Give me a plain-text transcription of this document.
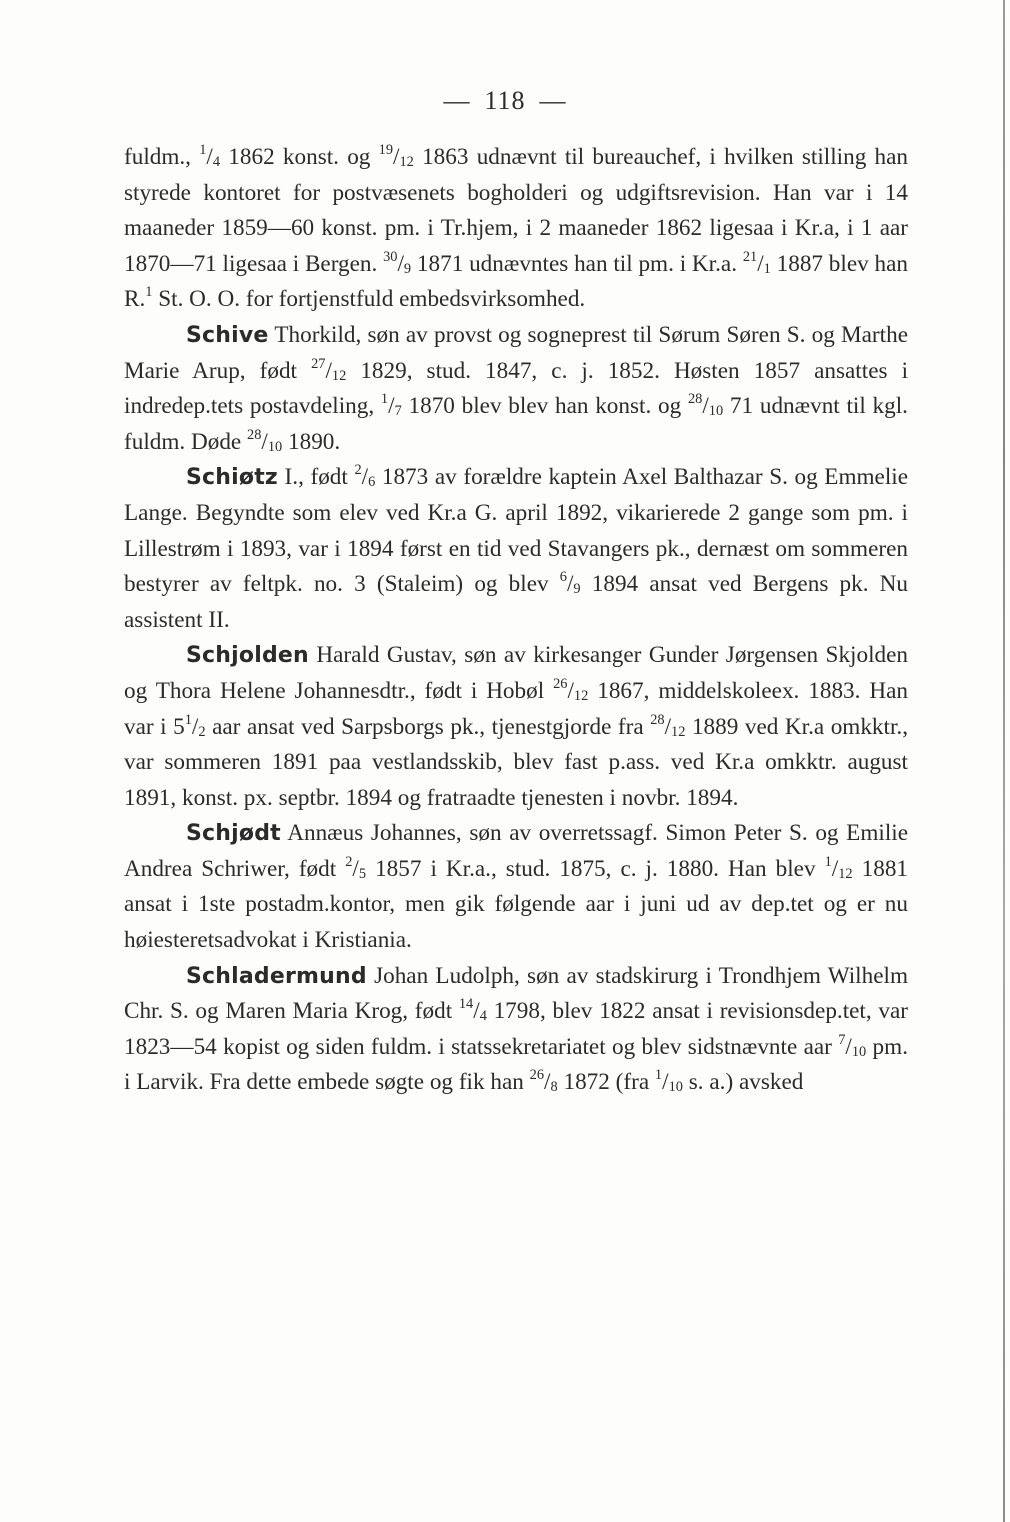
— 118 —

fuldm., $^1/_4$ 1862 konst. og $^{19}/_{12}$ 1863 udnævnt til bureauchef, i hvilken stilling han styrede kontoret for postvæsenets bogholderi og udgiftsrevision. Han var i 14 maaneder 1859—60 konst. pm. i Tr.hjem, i 2 maaneder 1862 ligesaa i Kr.a, i 1 aar 1870—71 ligesaa i Bergen. $^{30}/_9$ 1871 udnævntes han til pm. i Kr.a. $^{21}/_1$ 1887 blev han R.$^1$ St. O. O. for fortjenstfuld embedsvirksomhed.

Schive Thorkild, søn av provst og sogneprest til Sørum Søren S. og Marthe Marie Arup, født $^{27}/_{12}$ 1829, stud. 1847, c. j. 1852. Høsten 1857 ansattes i indredep.tets postavdeling, $^1/_7$ 1870 blev blev han konst. og $^{28}/_{10}$ 71 udnævnt til kgl. fuldm. Døde $^{28}/_{10}$ 1890.

Schiøtz I., født $^2/_6$ 1873 av forældre kaptein Axel Balthazar S. og Emmelie Lange. Begyndte som elev ved Kr.a G. april 1892, vikarierede 2 gange som pm. i Lillestrøm i 1893, var i 1894 først en tid ved Stavangers pk., dernæst om sommeren bestyrer av feltpk. no. 3 (Staleim) og blev $^6/_9$ 1894 ansat ved Bergens pk. Nu assistent II.

Schjolden Harald Gustav, søn av kirkesanger Gunder Jørgensen Skjolden og Thora Helene Johannesdtr., født i Hobøl $^{26}/_{12}$ 1867, middelskoleex. 1883. Han var i $5^1/_2$ aar ansat ved Sarpsborgs pk., tjenestgjorde fra $^{28}/_{12}$ 1889 ved Kr.a omkktr., var sommeren 1891 paa vestlandsskib, blev fast p.ass. ved Kr.a omkktr. august 1891, konst. px. septbr. 1894 og fratraadte tjenesten i novbr. 1894.

Schjødt Annæus Johannes, søn av overretssagf. Simon Peter S. og Emilie Andrea Schriwer, født $^2/_5$ 1857 i Kr.a., stud. 1875, c. j. 1880. Han blev $^1/_{12}$ 1881 ansat i 1ste postadm.kontor, men gik følgende aar i juni ud av dep.tet og er nu høiesteretsadvokat i Kristiania.

Schladermund Johan Ludolph, søn av stadskirurg i Trondhjem Wilhelm Chr. S. og Maren Maria Krog, født $^{14}/_4$ 1798, blev 1822 ansat i revisionsdep.tet, var 1823—54 kopist og siden fuldm. i statssekretariatet og blev sidstnævnte aar $^7/_{10}$ pm. i Larvik. Fra dette embede søgte og fik han $^{26}/_8$ 1872 (fra $^1/_{10}$ s. a.) avsked
